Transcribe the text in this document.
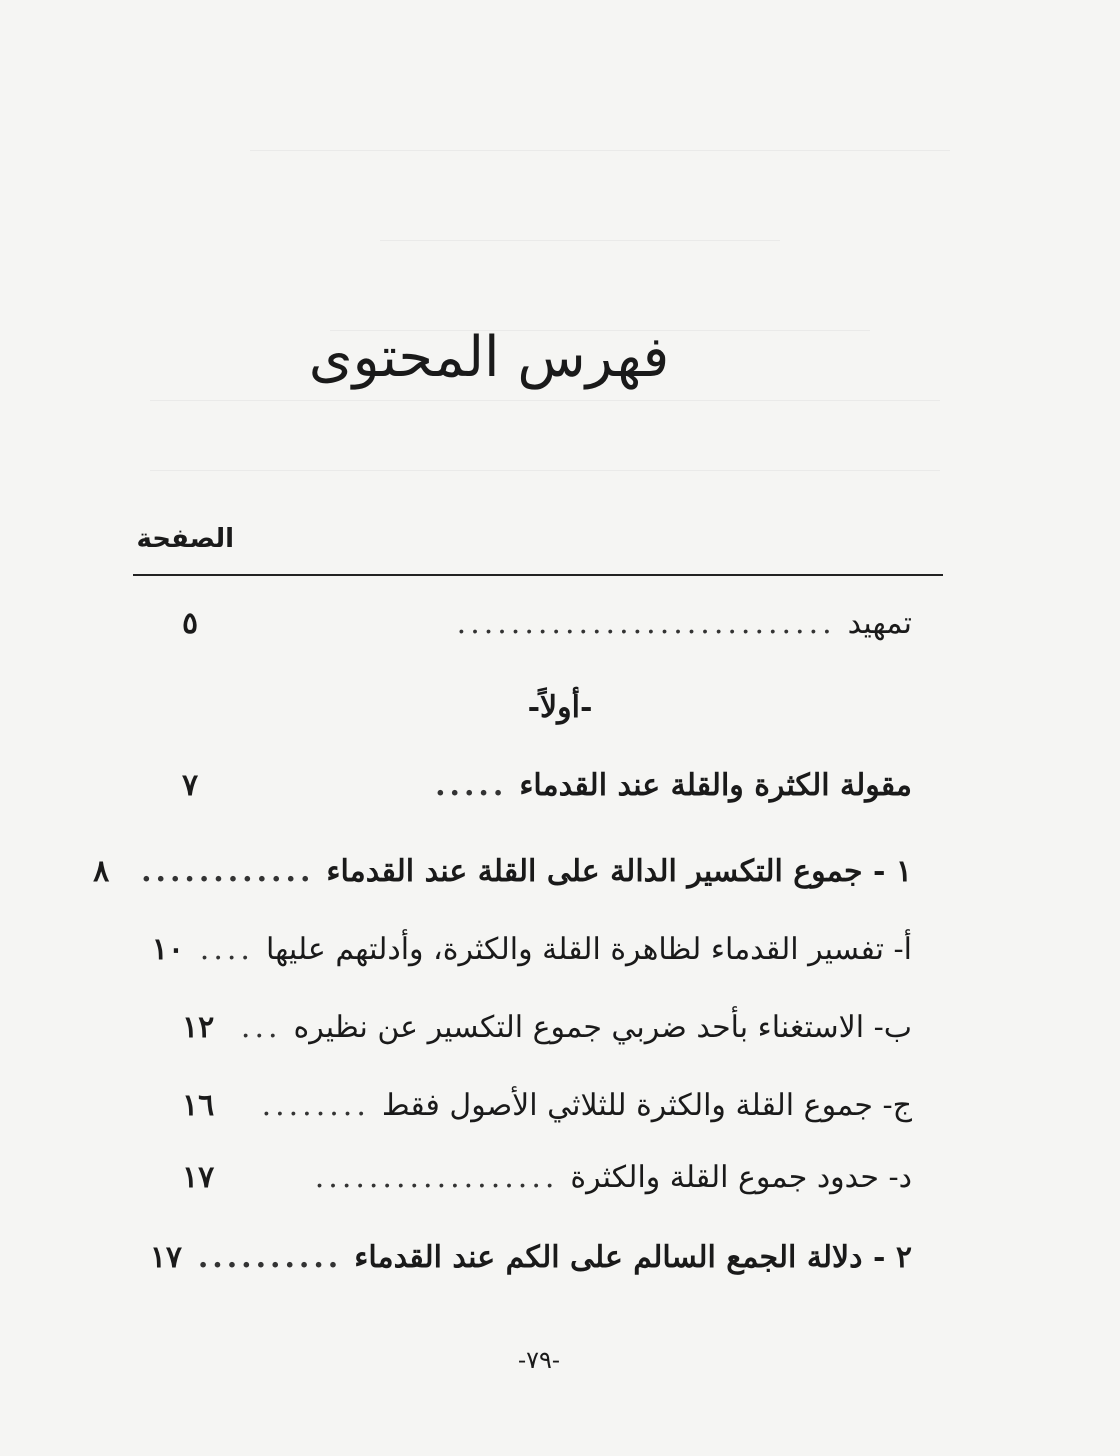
فهرس المحتوى
الصفحة
تمهيد
............................
٥
-أولاً-
مقولة الكثرة والقلة عند القدماء
.....
٧
١ - جموع التكسير الدالة على القلة عند القدماء
............
٨
أ- تفسير القدماء لظاهرة القلة والكثرة، وأدلتهم عليها
....
١٠
ب- الاستغناء بأحد ضربي جموع التكسير عن نظيره
...
١٢
ج- جموع القلة والكثرة للثلاثي الأصول فقط
........
١٦
د- حدود جموع القلة والكثرة
..................
١٧
٢ - دلالة الجمع السالم على الكم عند القدماء
..........
١٧
-٧٩-
